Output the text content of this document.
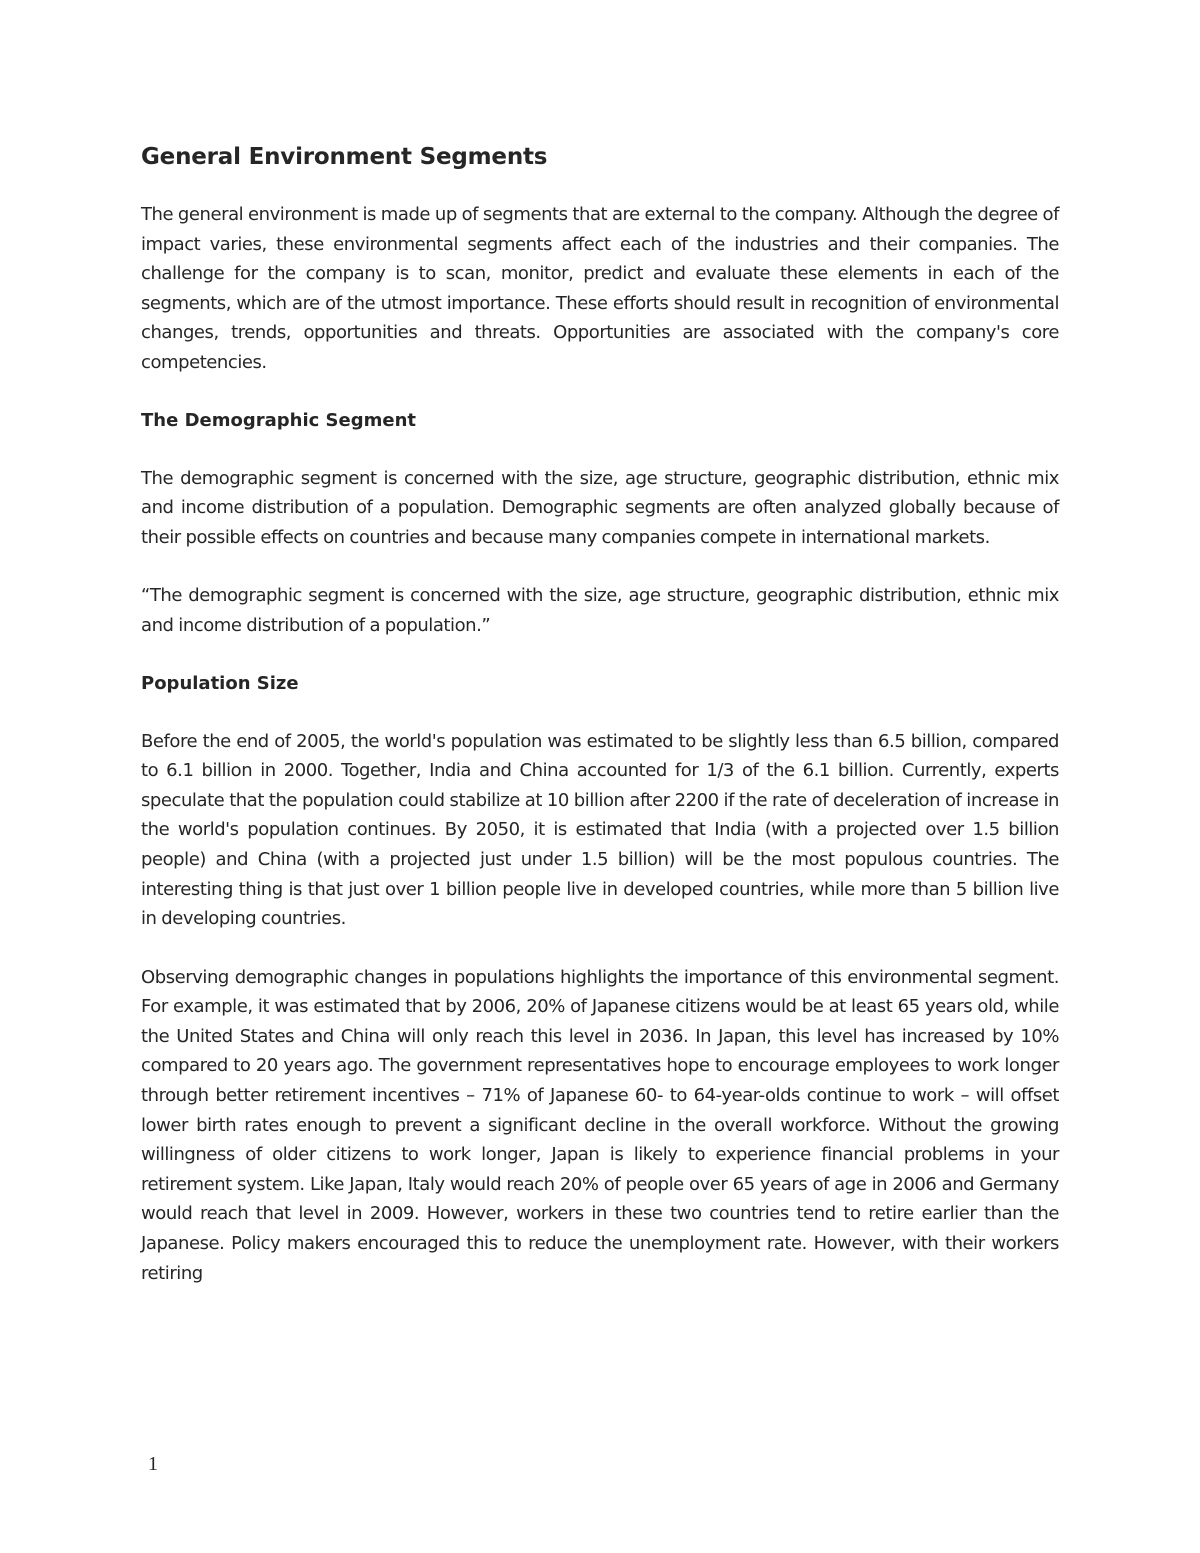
General Environment Segments

The general environment is made up of segments that are external to the company. Although the degree of impact varies, these environmental segments affect each of the industries and their companies. The challenge for the company is to scan, monitor, predict and evaluate these elements in each of the segments, which are of the utmost importance. These efforts should result in recognition of environmental changes, trends, opportunities and threats. Opportunities are associated with the company's core competencies.

The Demographic Segment

The demographic segment is concerned with the size, age structure, geographic distribution, ethnic mix and income distribution of a population. Demographic segments are often analyzed globally because of their possible effects on countries and because many companies compete in international markets.

“The demographic segment is concerned with the size, age structure, geographic distribution, ethnic mix and income distribution of a population.”

Population Size

Before the end of 2005, the world's population was estimated to be slightly less than 6.5 billion, compared to 6.1 billion in 2000. Together, India and China accounted for 1/3 of the 6.1 billion. Currently, experts speculate that the population could stabilize at 10 billion after 2200 if the rate of deceleration of increase in the world's population continues. By 2050, it is estimated that India (with a projected over 1.5 billion people) and China (with a projected just under 1.5 billion) will be the most populous countries. The interesting thing is that just over 1 billion people live in developed countries, while more than 5 billion live in developing countries.

Observing demographic changes in populations highlights the importance of this environmental segment. For example, it was estimated that by 2006, 20% of Japanese citizens would be at least 65 years old, while the United States and China will only reach this level in 2036. In Japan, this level has increased by 10% compared to 20 years ago. The government representatives hope to encourage employees to work longer through better retirement incentives – 71% of Japanese 60- to 64-year-olds continue to work – will offset lower birth rates enough to prevent a significant decline in the overall workforce. Without the growing willingness of older citizens to work longer, Japan is likely to experience financial problems in your retirement system. Like Japan, Italy would reach 20% of people over 65 years of age in 2006 and Germany would reach that level in 2009. However, workers in these two countries tend to retire earlier than the Japanese. Policy makers encouraged this to reduce the unemployment rate. However, with their workers retiring

1
